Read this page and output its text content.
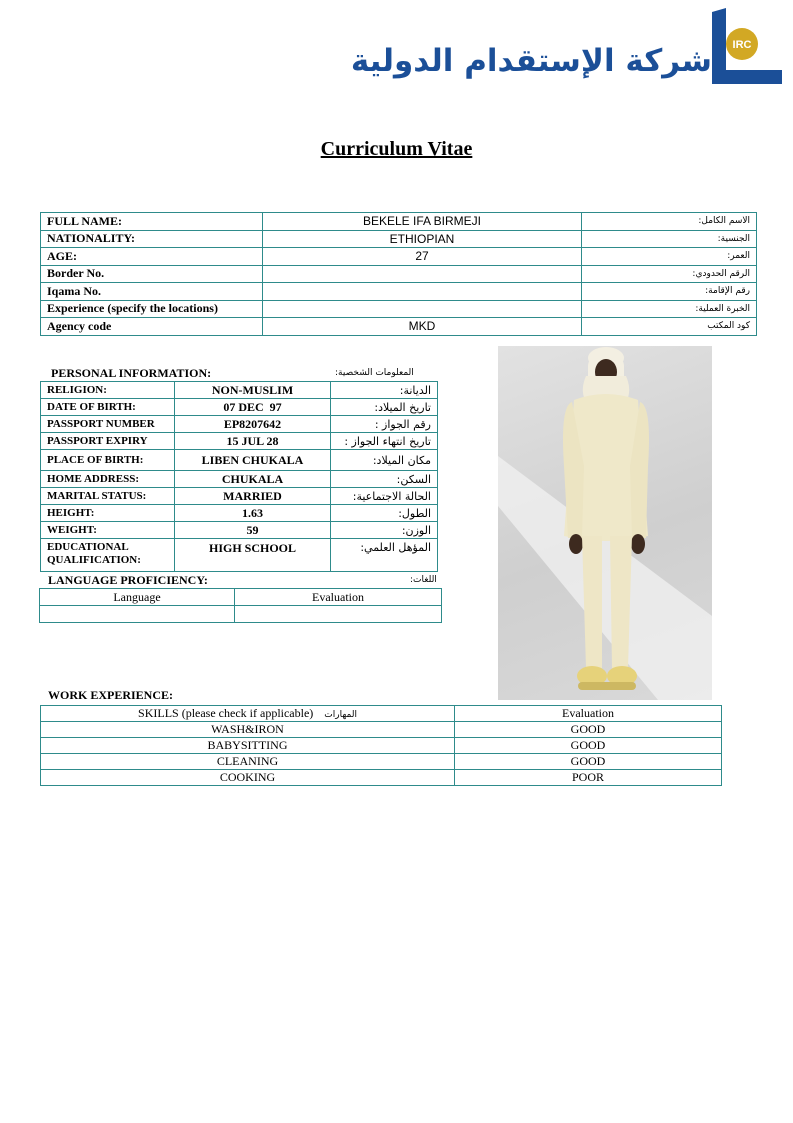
شركة الإستقدام الدولية IRC
Curriculum Vitae
FULL NAME:	BEKELE IFA BIRMEJI	الاسم الكامل:
NATIONALITY:	ETHIOPIAN	الجنسية:
AGE:	27	العمر:
Border No.		الرقم الحدودي:
Iqama No.		رقم الإقامة:
Experience (specify the locations)		الخبرة العملية:
Agency code	MKD	كود المكتب
PERSONAL INFORMATION:	المعلومات الشخصية:
RELIGION:	NON-MUSLIM	الديانة:
DATE OF BIRTH:	07 DEC  97	تاريخ الميلاد:
PASSPORT NUMBER	EP8207642	رقم الجواز :
PASSPORT EXPIRY	15 JUL 28	تاريخ انتهاء الجواز :
PLACE OF BIRTH:	LIBEN CHUKALA	مكان الميلاد:
HOME ADDRESS:	CHUKALA	السكن:
MARITAL STATUS:	MARRIED	الحالة الاجتماعية:
HEIGHT:	1.63	الطول:
WEIGHT:	59	الوزن:
EDUCATIONAL
QUALIFICATION:	HIGH SCHOOL	المؤهل العلمي:
LANGUAGE PROFICIENCY:	اللغات:
Language	Evaluation

WORK EXPERIENCE:
SKILLS (please check if applicable) المهارات	Evaluation
WASH&IRON	GOOD
BABYSITTING	GOOD
CLEANING	GOOD
COOKING	POOR
